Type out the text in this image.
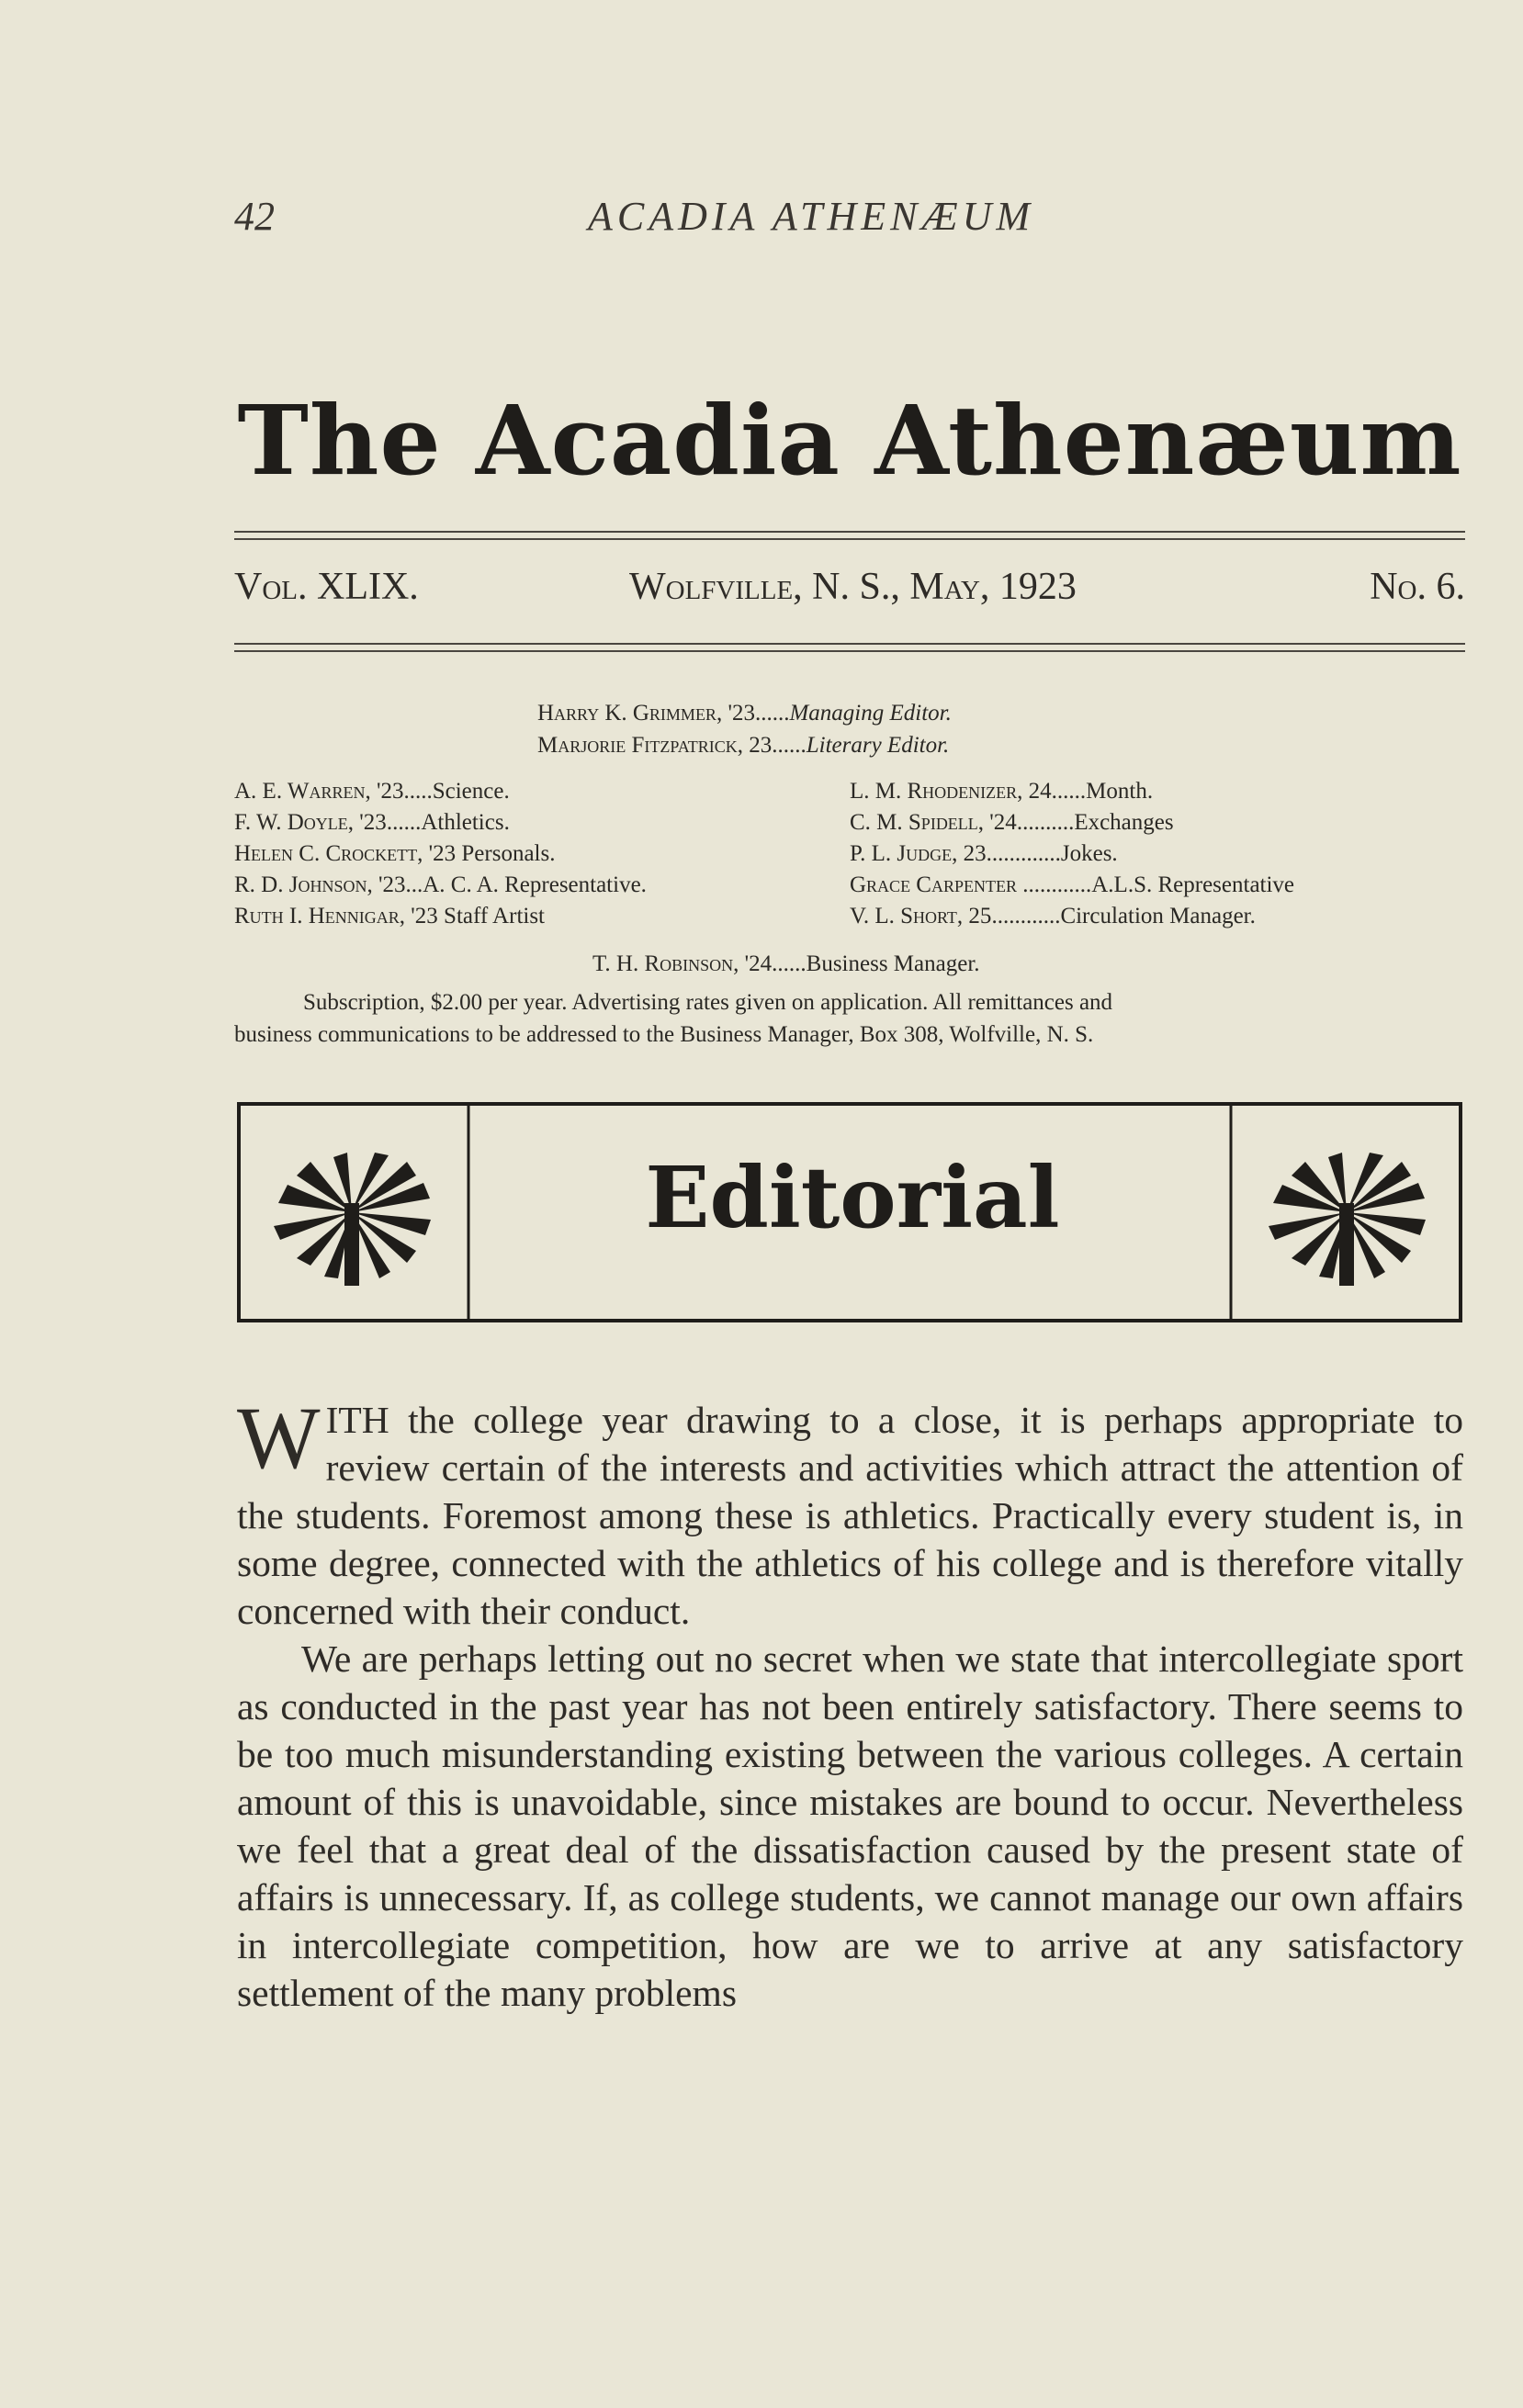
42	ACADIA ATHENÆUM
The Acadia Athenæum
Vol. XLIX.	Wolfville, N. S., May, 1923	No. 6.
Harry K. Grimmer, '23......Managing Editor.
Marjorie Fitzpatrick, 23......Literary Editor.
A. E. Warren, '23.....Science.
F. W. Doyle, '23......Athletics.
Helen C. Crockett, '23 Personals.
R. D. Johnson, '23...A. C. A. Representative.
Ruth I. Hennigar, '23 Staff Artist
L. M. Rhodenizer, 24......Month.
C. M. Spidell, '24..........Exchanges
P. L. Judge, 23.............Jokes.
Grace Carpenter ............A.L.S. Representative
V. L. Short, 25............Circulation Manager.
T. H. Robinson, '24......Business Manager.
Subscription, $2.00 per year. Advertising rates given on application. All remittances and
business communications to be addressed to the Business Manager, Box 308, Wolfville, N. S.
Editorial

WITH the college year drawing to a close, it is perhaps appropriate to review certain of the interests and activities which attract the attention of the students. Foremost among these is athletics. Practically every student is, in some degree, connected with the athletics of his college and is therefore vitally concerned with their conduct.

We are perhaps letting out no secret when we state that intercollegiate sport as conducted in the past year has not been entirely satisfactory. There seems to be too much misunderstanding existing between the various colleges. A certain amount of this is unavoidable, since mistakes are bound to occur. Nevertheless we feel that a great deal of the dissatisfaction caused by the present state of affairs is unnecessary. If, as college students, we cannot manage our own affairs in intercollegiate competition, how are we to arrive at any satisfactory settlement of the many problems
